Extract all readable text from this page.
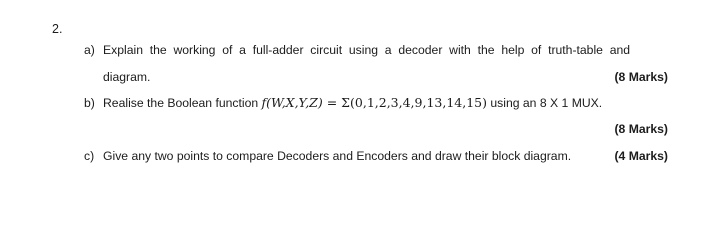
2.
a) Explain  the  working  of  a  full-adder  circuit  using  a  decoder  with  the  help  of  truth-table  and
diagram.	(8 Marks)
b) Realise the Boolean function f(W,X,Y,Z) = Σ (0,1,2,3,4,9,13,14,15) using an 8 X 1 MUX.
(8 Marks)
c) Give any two points to compare Decoders and Encoders and draw their block diagram.	(4 Marks)
